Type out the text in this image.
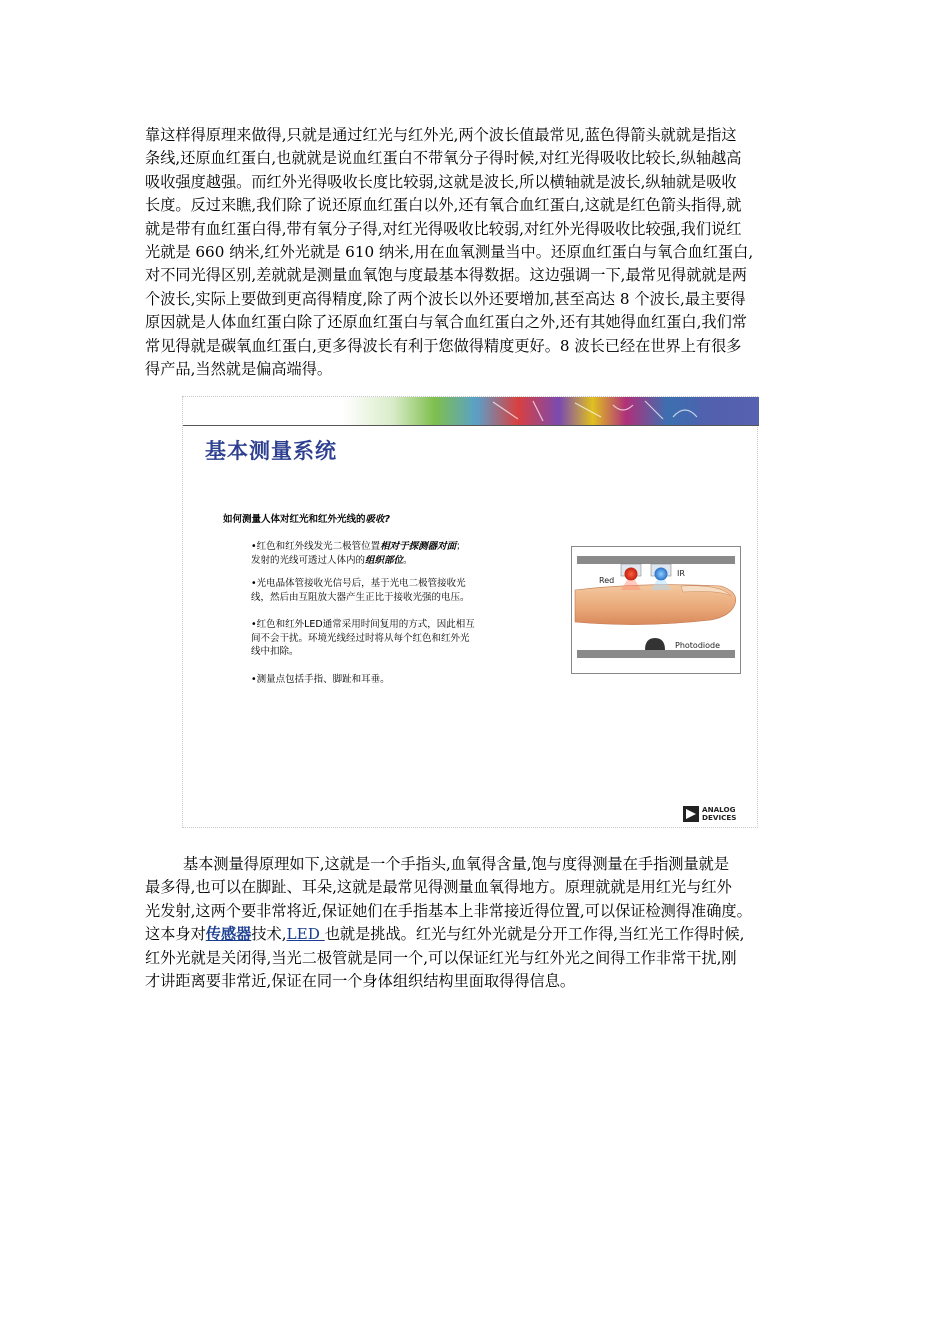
靠这样得原理来做得,只就是通过红光与红外光,两个波长值最常见,蓝色得箭头就就是指这
条线,还原血红蛋白,也就就是说血红蛋白不带氧分子得时候,对红光得吸收比较长,纵轴越高
吸收强度越强。而红外光得吸收长度比较弱,这就是波长,所以横轴就是波长,纵轴就是吸收
长度。反过来瞧,我们除了说还原血红蛋白以外,还有氧合血红蛋白,这就是红色箭头指得,就
就是带有血红蛋白得,带有氧分子得,对红光得吸收比较弱,对红外光得吸收比较强,我们说红
光就是 660 纳米,红外光就是 610 纳米,用在血氧测量当中。还原血红蛋白与氧合血红蛋白,
对不同光得区别,差就就是测量血氧饱与度最基本得数据。这边强调一下,最常见得就就是两
个波长,实际上要做到更高得精度,除了两个波长以外还要增加,甚至高达 8 个波长,最主要得
原因就是人体血红蛋白除了还原血红蛋白与氧合血红蛋白之外,还有其她得血红蛋白,我们常
常见得就是碳氧血红蛋白,更多得波长有利于您做得精度更好。8 波长已经在世界上有很多
得产品,当然就是偏高端得。
基本测量系统
如何测量人体对红光和红外光线的吸收?
•红色和红外线发光二极管位置相对于探测器对面；
发射的光线可透过人体内的组织部位。
•光电晶体管接收光信号后，基于光电二极管接收光
线，然后由互阻放大器产生正比于接收光强的电压。
•红色和红外LED通常采用时间复用的方式，因此相互
间不会干扰。环境光线经过时将从每个红色和红外光
线中扣除。
•测量点包括手指、脚趾和耳垂。
Red
IR
Photodiode
ANALOG
DEVICES
基本测量得原理如下,这就是一个手指头,血氧得含量,饱与度得测量在手指测量就是
最多得,也可以在脚趾、耳朵,这就是最常见得测量血氧得地方。原理就就是用红光与红外
光发射,这两个要非常将近,保证她们在手指基本上非常接近得位置,可以保证检测得准确度。
这本身对传感器技术,LED 也就是挑战。红光与红外光就是分开工作得,当红光工作得时候,
红外光就是关闭得,当光二极管就是同一个,可以保证红光与红外光之间得工作非常干扰,刚
才讲距离要非常近,保证在同一个身体组织结构里面取得得信息。
